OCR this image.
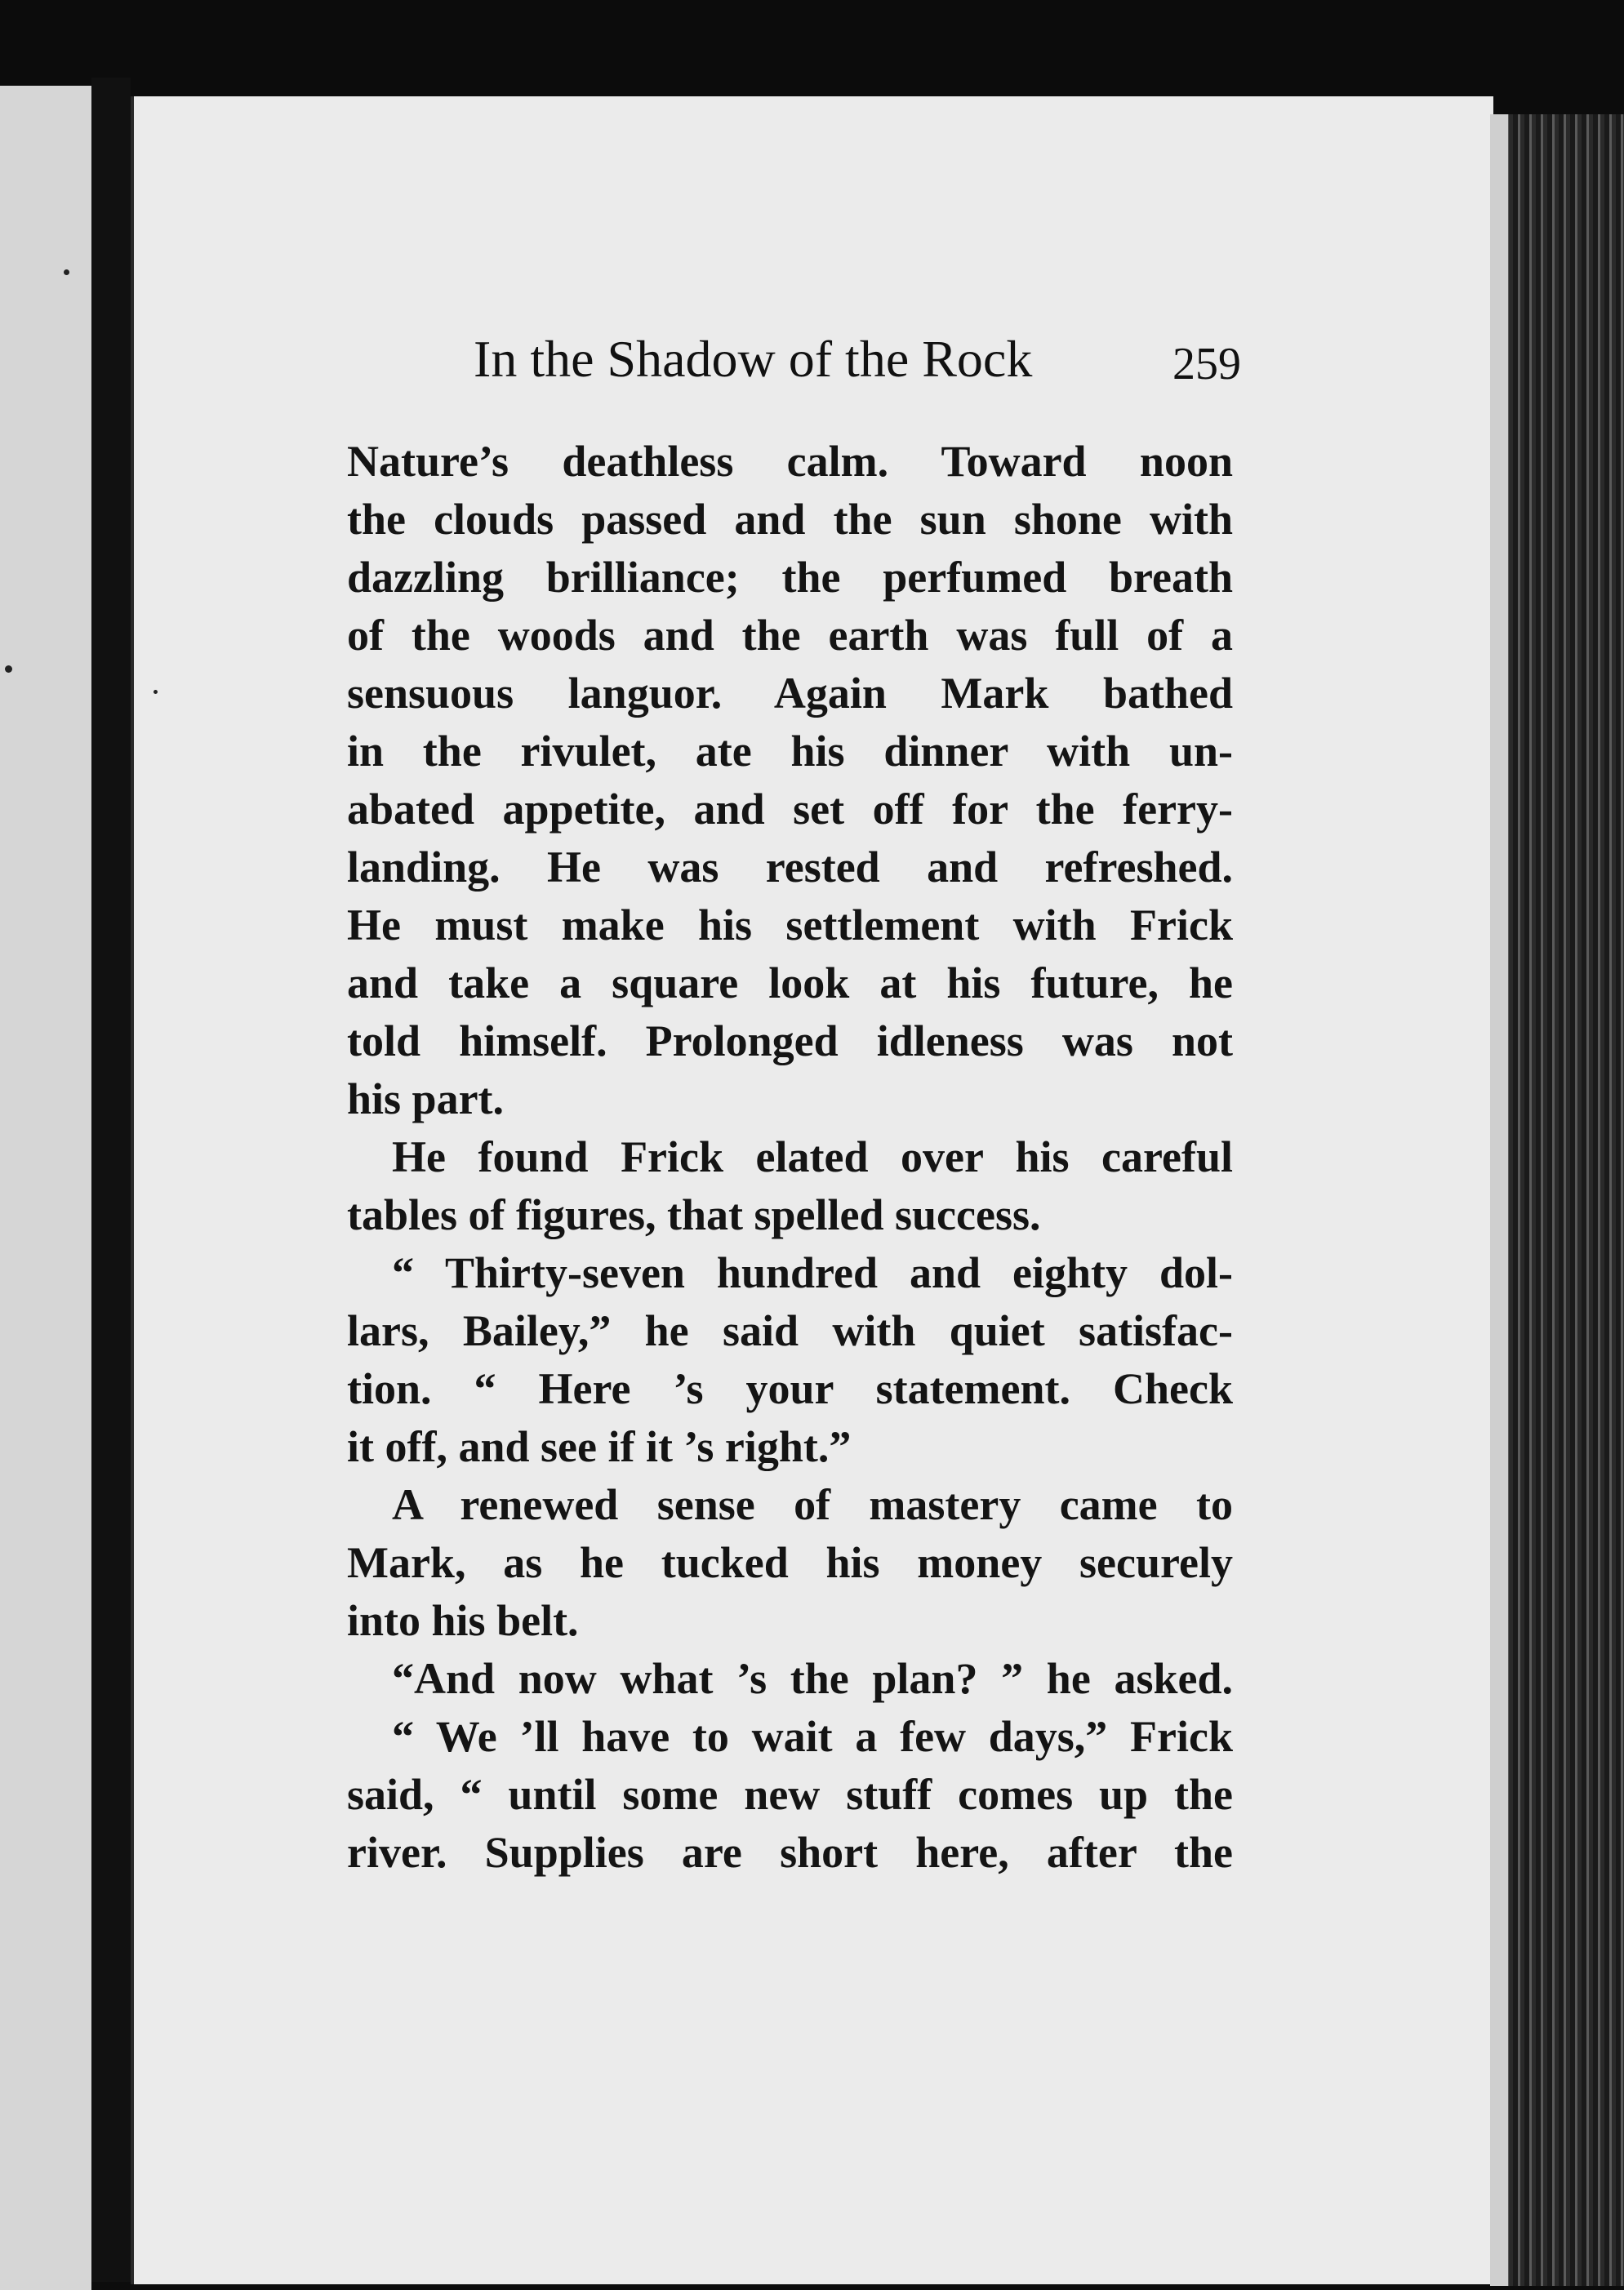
In the Shadow of the Rock	259
Nature’s deathless calm. Toward noon
the clouds passed and the sun shone with
dazzling brilliance; the perfumed breath
of the woods and the earth was full of a
sensuous languor. Again Mark bathed
in the rivulet, ate his dinner with un-
abated appetite, and set off for the ferry-
landing. He was rested and refreshed.
He must make his settlement with Frick
and take a square look at his future, he
told himself. Prolonged idleness was not
his part.
He found Frick elated over his careful
tables of figures, that spelled success.
“ Thirty-seven hundred and eighty dol-
lars, Bailey,” he said with quiet satisfac-
tion. “ Here ’s your statement. Check
it off, and see if it ’s right.”
A renewed sense of mastery came to
Mark, as he tucked his money securely
into his belt.
“And now what ’s the plan? ” he asked.
“ We ’ll have to wait a few days,” Frick
said, “ until some new stuff comes up the
river. Supplies are short here, after the
